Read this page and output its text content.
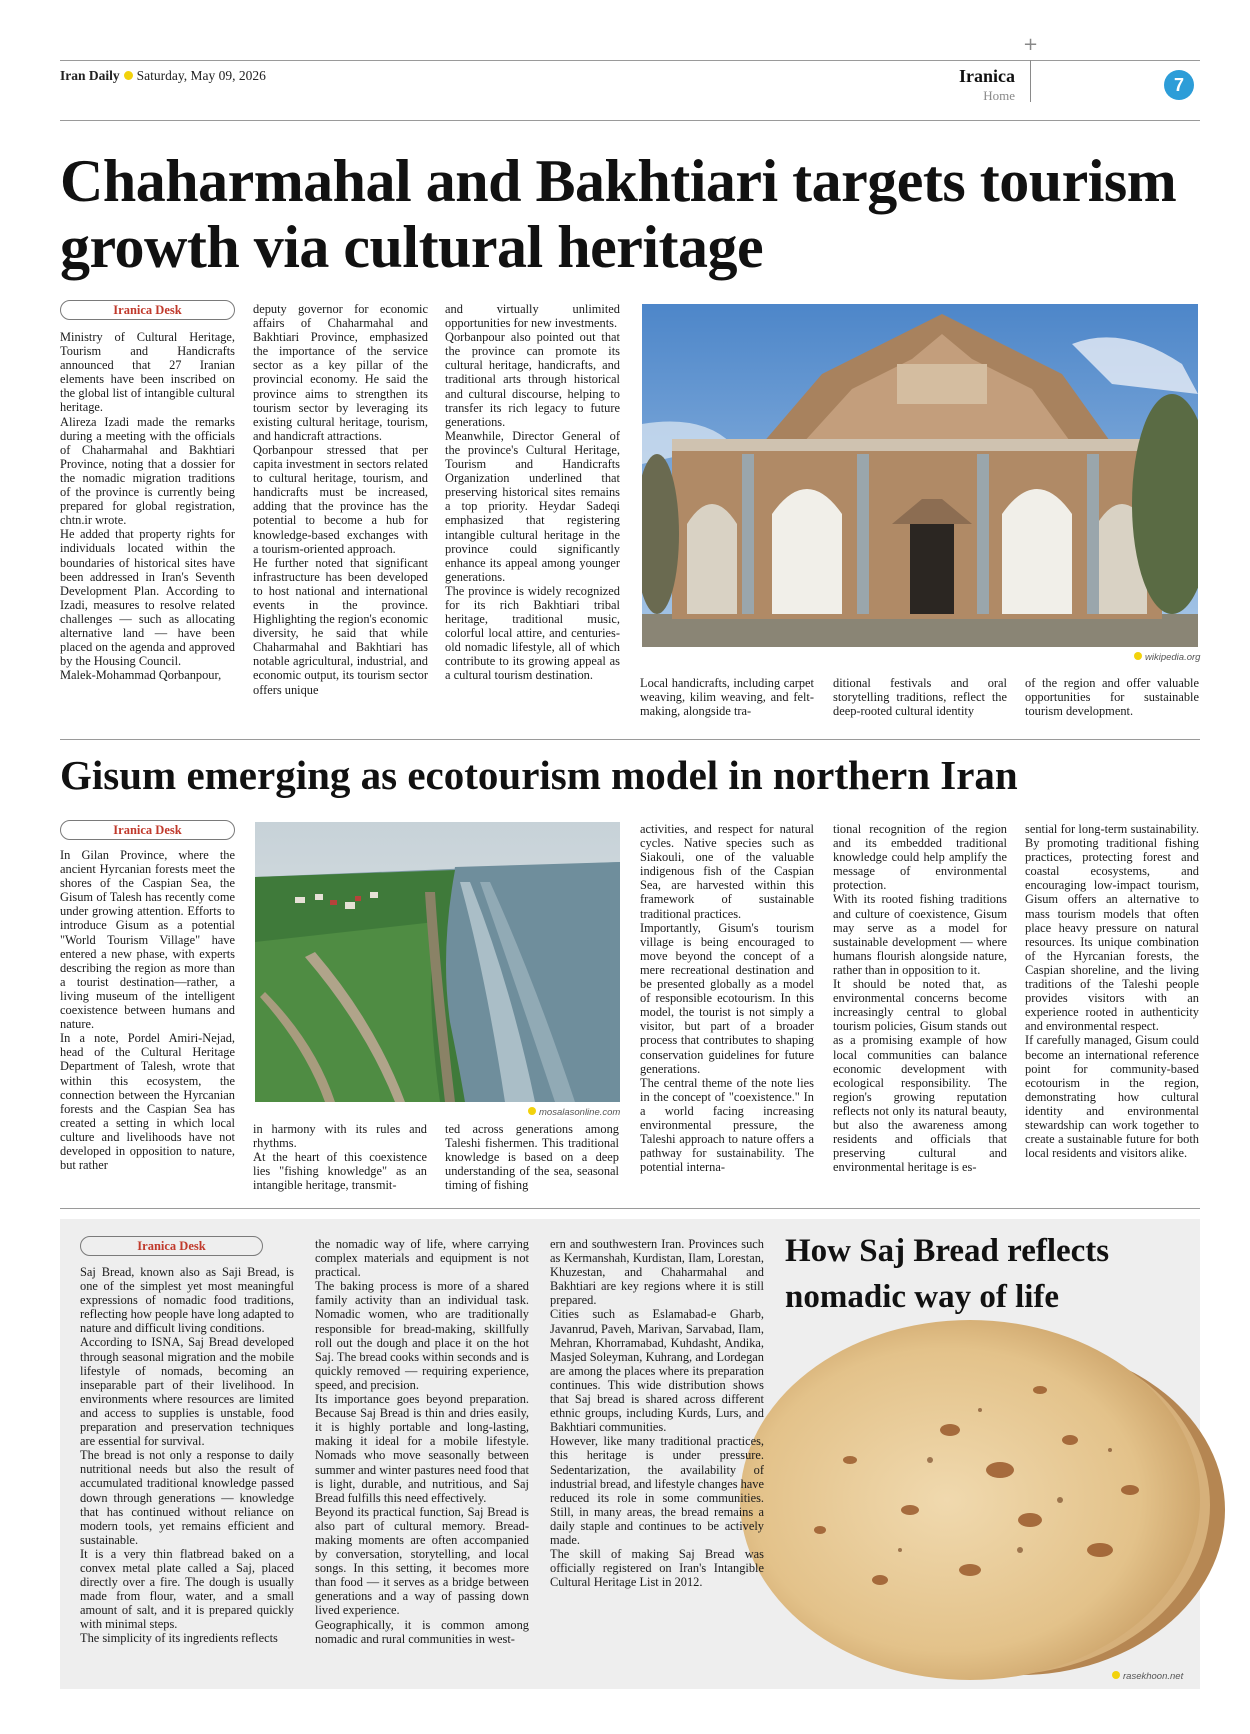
+
Iran Daily Saturday, May 09, 2026	Iranica
Home
7
Chaharmahal and Bakhtiari targets tourism growth via cultural heritage
Iranica Desk

Ministry of Cultural Heritage, Tourism and Handicrafts announced that 27 Iranian elements have been inscribed on the global list of intangible cultural heritage.

Alireza Izadi made the remarks during a meeting with the officials of Chaharmahal and Bakhtiari Province, noting that a dossier for the nomadic migration traditions of the province is currently being prepared for global registration, chtn.ir wrote.

He added that property rights for individuals located within the boundaries of historical sites have been addressed in Iran's Seventh Development Plan. According to Izadi, measures to resolve related challenges — such as allocating alternative land — have been placed on the agenda and approved by the Housing Council.

Malek-Mohammad Qorbanpour,

deputy governor for economic affairs of Chaharmahal and Bakhtiari Province, emphasized the importance of the service sector as a key pillar of the provincial economy. He said the province aims to strengthen its tourism sector by leveraging its existing cultural heritage, tourism, and handicraft attractions.

Qorbanpour stressed that per capita investment in sectors related to cultural heritage, tourism, and handicrafts must be increased, adding that the province has the potential to become a hub for knowledge-based exchanges with a tourism-oriented approach.

He further noted that significant infrastructure has been developed to host national and international events in the province. Highlighting the region's economic diversity, he said that while Chaharmahal and Bakhtiari has notable agricultural, industrial, and economic output, its tourism sector offers unique

and virtually unlimited opportunities for new investments.

Qorbanpour also pointed out that the province can promote its cultural heritage, handicrafts, and traditional arts through historical and cultural discourse, helping to transfer its rich legacy to future generations.

Meanwhile, Director General of the province's Cultural Heritage, Tourism and Handicrafts Organization underlined that preserving historical sites remains a top priority. Heydar Sadeqi emphasized that registering intangible cultural heritage in the province could significantly enhance its appeal among younger generations.

The province is widely recognized for its rich Bakhtiari tribal heritage, traditional music, colorful local attire, and centuries-old nomadic lifestyle, all of which contribute to its growing appeal as a cultural tourism destination.

wikipedia.org

Local handicrafts, including carpet weaving, kilim weaving, and felt-making, alongside tra-

ditional festivals and oral storytelling traditions, reflect the deep-rooted cultural identity

of the region and offer valuable opportunities for sustainable tourism development.

Gisum emerging as ecotourism model in northern Iran
Iranica Desk

In Gilan Province, where the ancient Hyrcanian forests meet the shores of the Caspian Sea, the Gisum of Talesh has recently come under growing attention. Efforts to introduce Gisum as a potential "World Tourism Village" have entered a new phase, with experts describing the region as more than a tourist destination—rather, a living museum of the intelligent coexistence between humans and nature.

In a note, Pordel Amiri-Nejad, head of the Cultural Heritage Department of Talesh, wrote that within this ecosystem, the connection between the Hyrcanian forests and the Caspian Sea has created a setting in which local culture and livelihoods have not developed in opposition to nature, but rather

mosalasonline.com

in harmony with its rules and rhythms.

At the heart of this coexistence lies "fishing knowledge" as an intangible heritage, transmit-

ted across generations among Taleshi fishermen. This traditional knowledge is based on a deep understanding of the sea, seasonal timing of fishing

activities, and respect for natural cycles. Native species such as Siakouli, one of the valuable indigenous fish of the Caspian Sea, are harvested within this framework of sustainable traditional practices.

Importantly, Gisum's tourism village is being encouraged to move beyond the concept of a mere recreational destination and be presented globally as a model of responsible ecotourism. In this model, the tourist is not simply a visitor, but part of a broader process that contributes to shaping conservation guidelines for future generations.

The central theme of the note lies in the concept of "coexistence." In a world facing increasing environmental pressure, the Taleshi approach to nature offers a pathway for sustainability. The potential interna-

tional recognition of the region and its embedded traditional knowledge could help amplify the message of environmental protection.

With its rooted fishing traditions and culture of coexistence, Gisum may serve as a model for sustainable development — where humans flourish alongside nature, rather than in opposition to it.

It should be noted that, as environmental concerns become increasingly central to global tourism policies, Gisum stands out as a promising example of how local communities can balance economic development with ecological responsibility. The region's growing reputation reflects not only its natural beauty, but also the awareness among residents and officials that preserving cultural and environmental heritage is es-

sential for long-term sustainability. By promoting traditional fishing practices, protecting forest and coastal ecosystems, and encouraging low-impact tourism, Gisum offers an alternative to mass tourism models that often place heavy pressure on natural resources. Its unique combination of the Hyrcanian forests, the Caspian shoreline, and the living traditions of the Taleshi people provides visitors with an experience rooted in authenticity and environmental respect.

If carefully managed, Gisum could become an international reference point for community-based ecotourism in the region, demonstrating how cultural identity and environmental stewardship can work together to create a sustainable future for both local residents and visitors alike.

Iranica Desk

Saj Bread, known also as Saji Bread, is one of the simplest yet most meaningful expressions of nomadic food traditions, reflecting how people have long adapted to nature and difficult living conditions.

According to ISNA, Saj Bread developed through seasonal migration and the mobile lifestyle of nomads, becoming an inseparable part of their livelihood. In environments where resources are limited and access to supplies is unstable, food preparation and preservation techniques are essential for survival.

The bread is not only a response to daily nutritional needs but also the result of accumulated traditional knowledge passed down through generations — knowledge that has continued without reliance on modern tools, yet remains efficient and sustainable.

It is a very thin flatbread baked on a convex metal plate called a Saj, placed directly over a fire. The dough is usually made from flour, water, and a small amount of salt, and it is prepared quickly with minimal steps.

The simplicity of its ingredients reflects

the nomadic way of life, where carrying complex materials and equipment is not practical.

The baking process is more of a shared family activity than an individual task. Nomadic women, who are traditionally responsible for bread-making, skillfully roll out the dough and place it on the hot Saj. The bread cooks within seconds and is quickly removed — requiring experience, speed, and precision.

Its importance goes beyond preparation. Because Saj Bread is thin and dries easily, it is highly portable and long-lasting, making it ideal for a mobile lifestyle. Nomads who move seasonally between summer and winter pastures need food that is light, durable, and nutritious, and Saj Bread fulfills this need effectively.

Beyond its practical function, Saj Bread is also part of cultural memory. Bread-making moments are often accompanied by conversation, storytelling, and local songs. In this setting, it becomes more than food — it serves as a bridge between generations and a way of passing down lived experience.

Geographically, it is common among nomadic and rural communities in west-

ern and southwestern Iran. Provinces such as Kermanshah, Kurdistan, Ilam, Lorestan, Khuzestan, and Chaharmahal and Bakhtiari are key regions where it is still prepared.

Cities such as Eslamabad-e Gharb, Javanrud, Paveh, Marivan, Sarvabad, Ilam, Mehran, Khorramabad, Kuhdasht, Andika, Masjed Soleyman, Kuhrang, and Lordegan are among the places where its preparation continues. This wide distribution shows that Saj bread is shared across different ethnic groups, including Kurds, Lurs, and Bakhtiari communities.

However, like many traditional practices, this heritage is under pressure. Sedentarization, the availability of industrial bread, and lifestyle changes have reduced its role in some communities. Still, in many areas, the bread remains a daily staple and continues to be actively made.

The skill of making Saj Bread was officially registered on Iran's Intangible Cultural Heritage List in 2012.

How Saj Bread reflects nomadic way of life
rasekhoon.net
